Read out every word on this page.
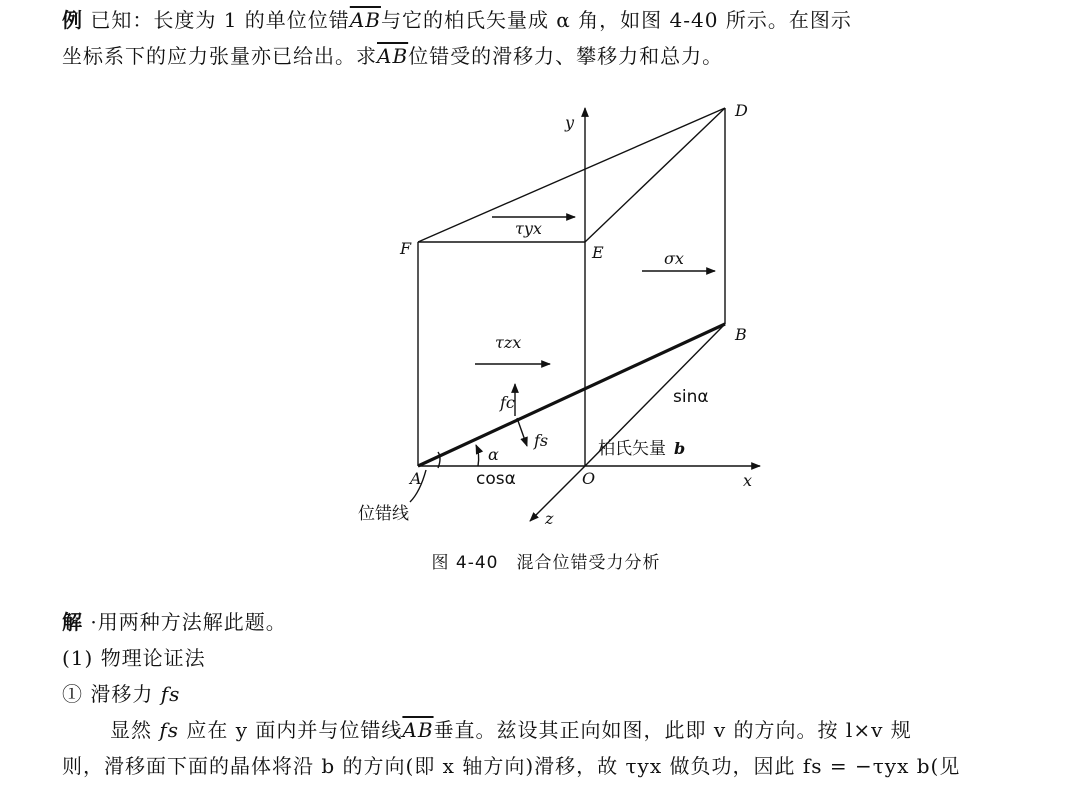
例 已知：长度为 1 的单位位错$\overline{AB}$与它的柏氏矢量成 α 角，如图 4-40 所示。在图示
坐标系下的应力张量亦已给出。求$\overline{AB}$位错受的滑移力、攀移力和总力。
y
D
F	E
τyx
σx
B
τzx
fc
fs
α
sinα
柏氏矢量 b
A	cosα	O	x
z
位错线
图 4-40　混合位错受力分析
解 ·用两种方法解此题。
(1) 物理论证法
① 滑移力 fs
显然 fs 应在 y 面内并与位错线$\overline{AB}$垂直。兹设其正向如图，此即 v 的方向。按 l×v 规
则，滑移面下面的晶体将沿 b 的方向(即 x 轴方向)滑移，故 τyx 做负功，因此 fs = −τyx b(见
